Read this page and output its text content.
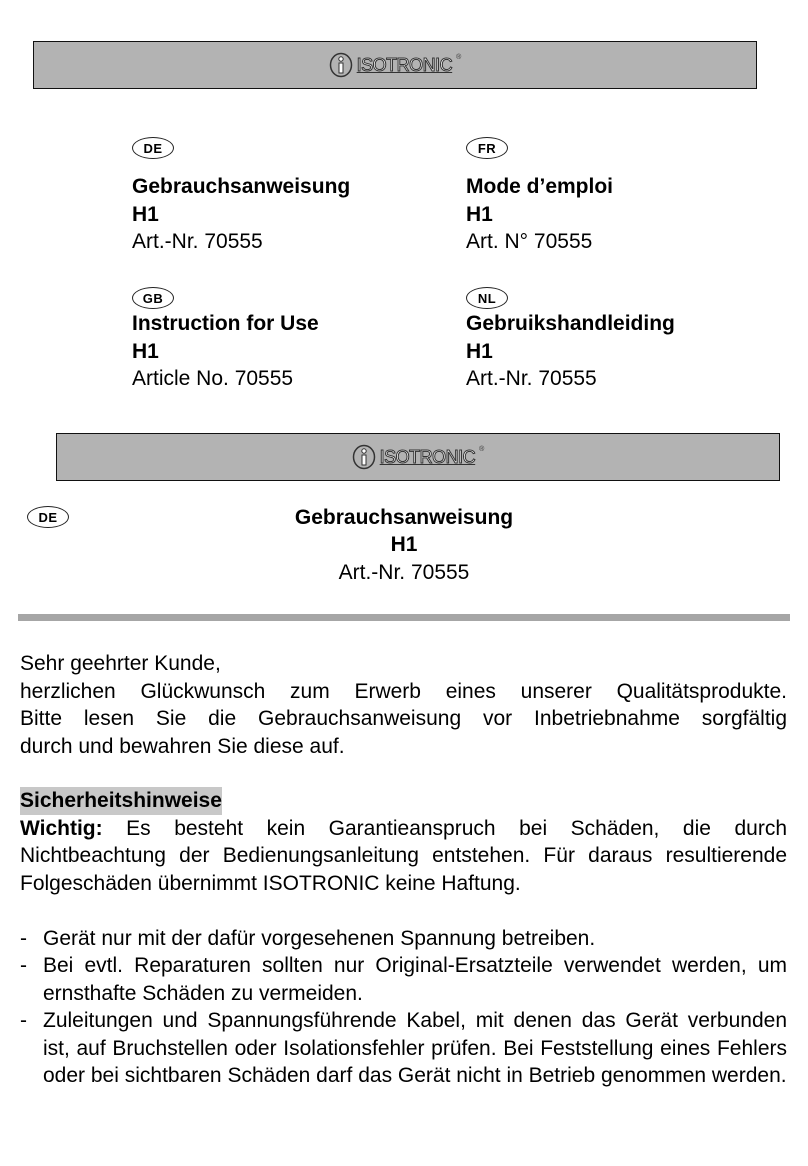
ISOTRONIC ®
DE
Gebrauchsanweisung
H1
Art.-Nr. 70555
FR
Mode d’emploi
H1
Art. N° 70555
GB
Instruction for Use
H1
Article No. 70555
NL
Gebruikshandleiding
H1
Art.-Nr. 70555
ISOTRONIC ®
DE	Gebrauchsanweisung
H1
Art.-Nr. 70555
Sehr geehrter Kunde,
herzlichen Glückwunsch zum Erwerb eines unserer Qualitätsprodukte.
Bitte lesen Sie die Gebrauchsanweisung vor Inbetriebnahme sorgfältig
durch und bewahren Sie diese auf.
Sicherheitshinweise

Wichtig: Es besteht kein Garantieanspruch bei Schäden, die durch Nichtbeachtung der Bedienungsanleitung entstehen. Für daraus resultierende Folgeschäden übernimmt ISOTRONIC keine Haftung.

- Gerät nur mit der dafür vorgesehenen Spannung betreiben.
- Bei evtl. Reparaturen sollten nur Original-Ersatzteile verwendet werden, um ernsthafte Schäden zu vermeiden.
- Zuleitungen und Spannungsführende Kabel, mit denen das Gerät verbunden ist, auf Bruchstellen oder Isolationsfehler prüfen. Bei Feststellung eines Fehlers oder bei sichtbaren Schäden darf das Gerät nicht in Betrieb genommen werden.
